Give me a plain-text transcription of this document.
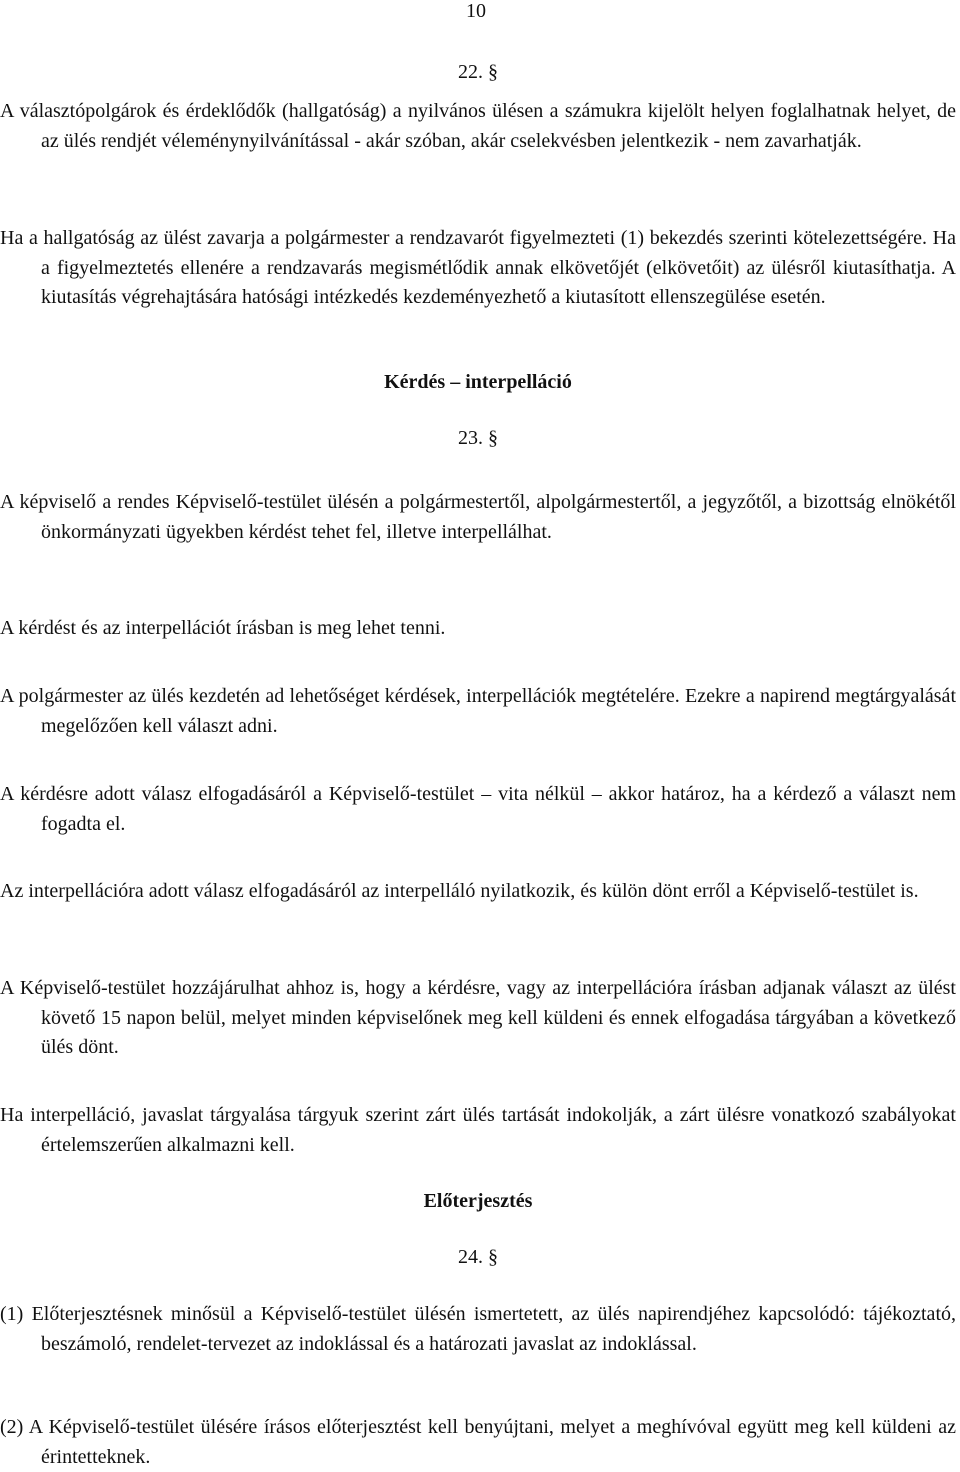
10

22. §

A választópolgárok és érdeklődők (hallgatóság) a nyilvános ülésen a számukra kijelölt helyen foglalhatnak helyet, de az ülés rendjét véleménynyilvánítással - akár szóban, akár cselekvésben jelentkezik - nem zavarhatják.

Ha a hallgatóság az ülést zavarja a polgármester a rendzavarót figyelmezteti (1) bekezdés szerinti kötelezettségére. Ha a figyelmeztetés ellenére a rendzavarás megismétlődik annak elkövetőjét (elkövetőit) az ülésről kiutasíthatja. A kiutasítás végrehajtására hatósági intézkedés kezdeményezhető a kiutasított ellenszegülése esetén.

Kérdés – interpelláció

23. §

A képviselő a rendes Képviselő-testület ülésén a polgármestertől, alpolgármestertől, a jegyzőtől, a bizottság elnökétől önkormányzati ügyekben kérdést tehet fel, illetve interpellálhat.

A kérdést és az interpellációt írásban is meg lehet tenni.

A polgármester az ülés kezdetén ad lehetőséget kérdések, interpellációk megtételére. Ezekre a napirend megtárgyalását megelőzően kell választ adni.

A kérdésre adott válasz elfogadásáról a Képviselő-testület – vita nélkül – akkor határoz, ha a kérdező a választ nem fogadta el.

Az interpellációra adott válasz elfogadásáról az interpelláló nyilatkozik, és külön dönt erről a Képviselő-testület is.

A Képviselő-testület hozzájárulhat ahhoz is, hogy a kérdésre, vagy az interpellációra írásban adjanak választ az ülést követő 15 napon belül, melyet minden képviselőnek meg kell küldeni és ennek elfogadása tárgyában a következő ülés dönt.

Ha interpelláció, javaslat tárgyalása tárgyuk szerint zárt ülés tartását indokolják, a zárt ülésre vonatkozó szabályokat értelemszerűen alkalmazni kell.

Előterjesztés

24. §

(1) Előterjesztésnek minősül a Képviselő-testület ülésén ismertetett, az ülés napirendjéhez kapcsolódó: tájékoztató, beszámoló, rendelet-tervezet az indoklással és a határozati javaslat az indoklással.

(2) A Képviselő-testület ülésére írásos előterjesztést kell benyújtani, melyet a meghívóval együtt meg kell küldeni az érintetteknek.
